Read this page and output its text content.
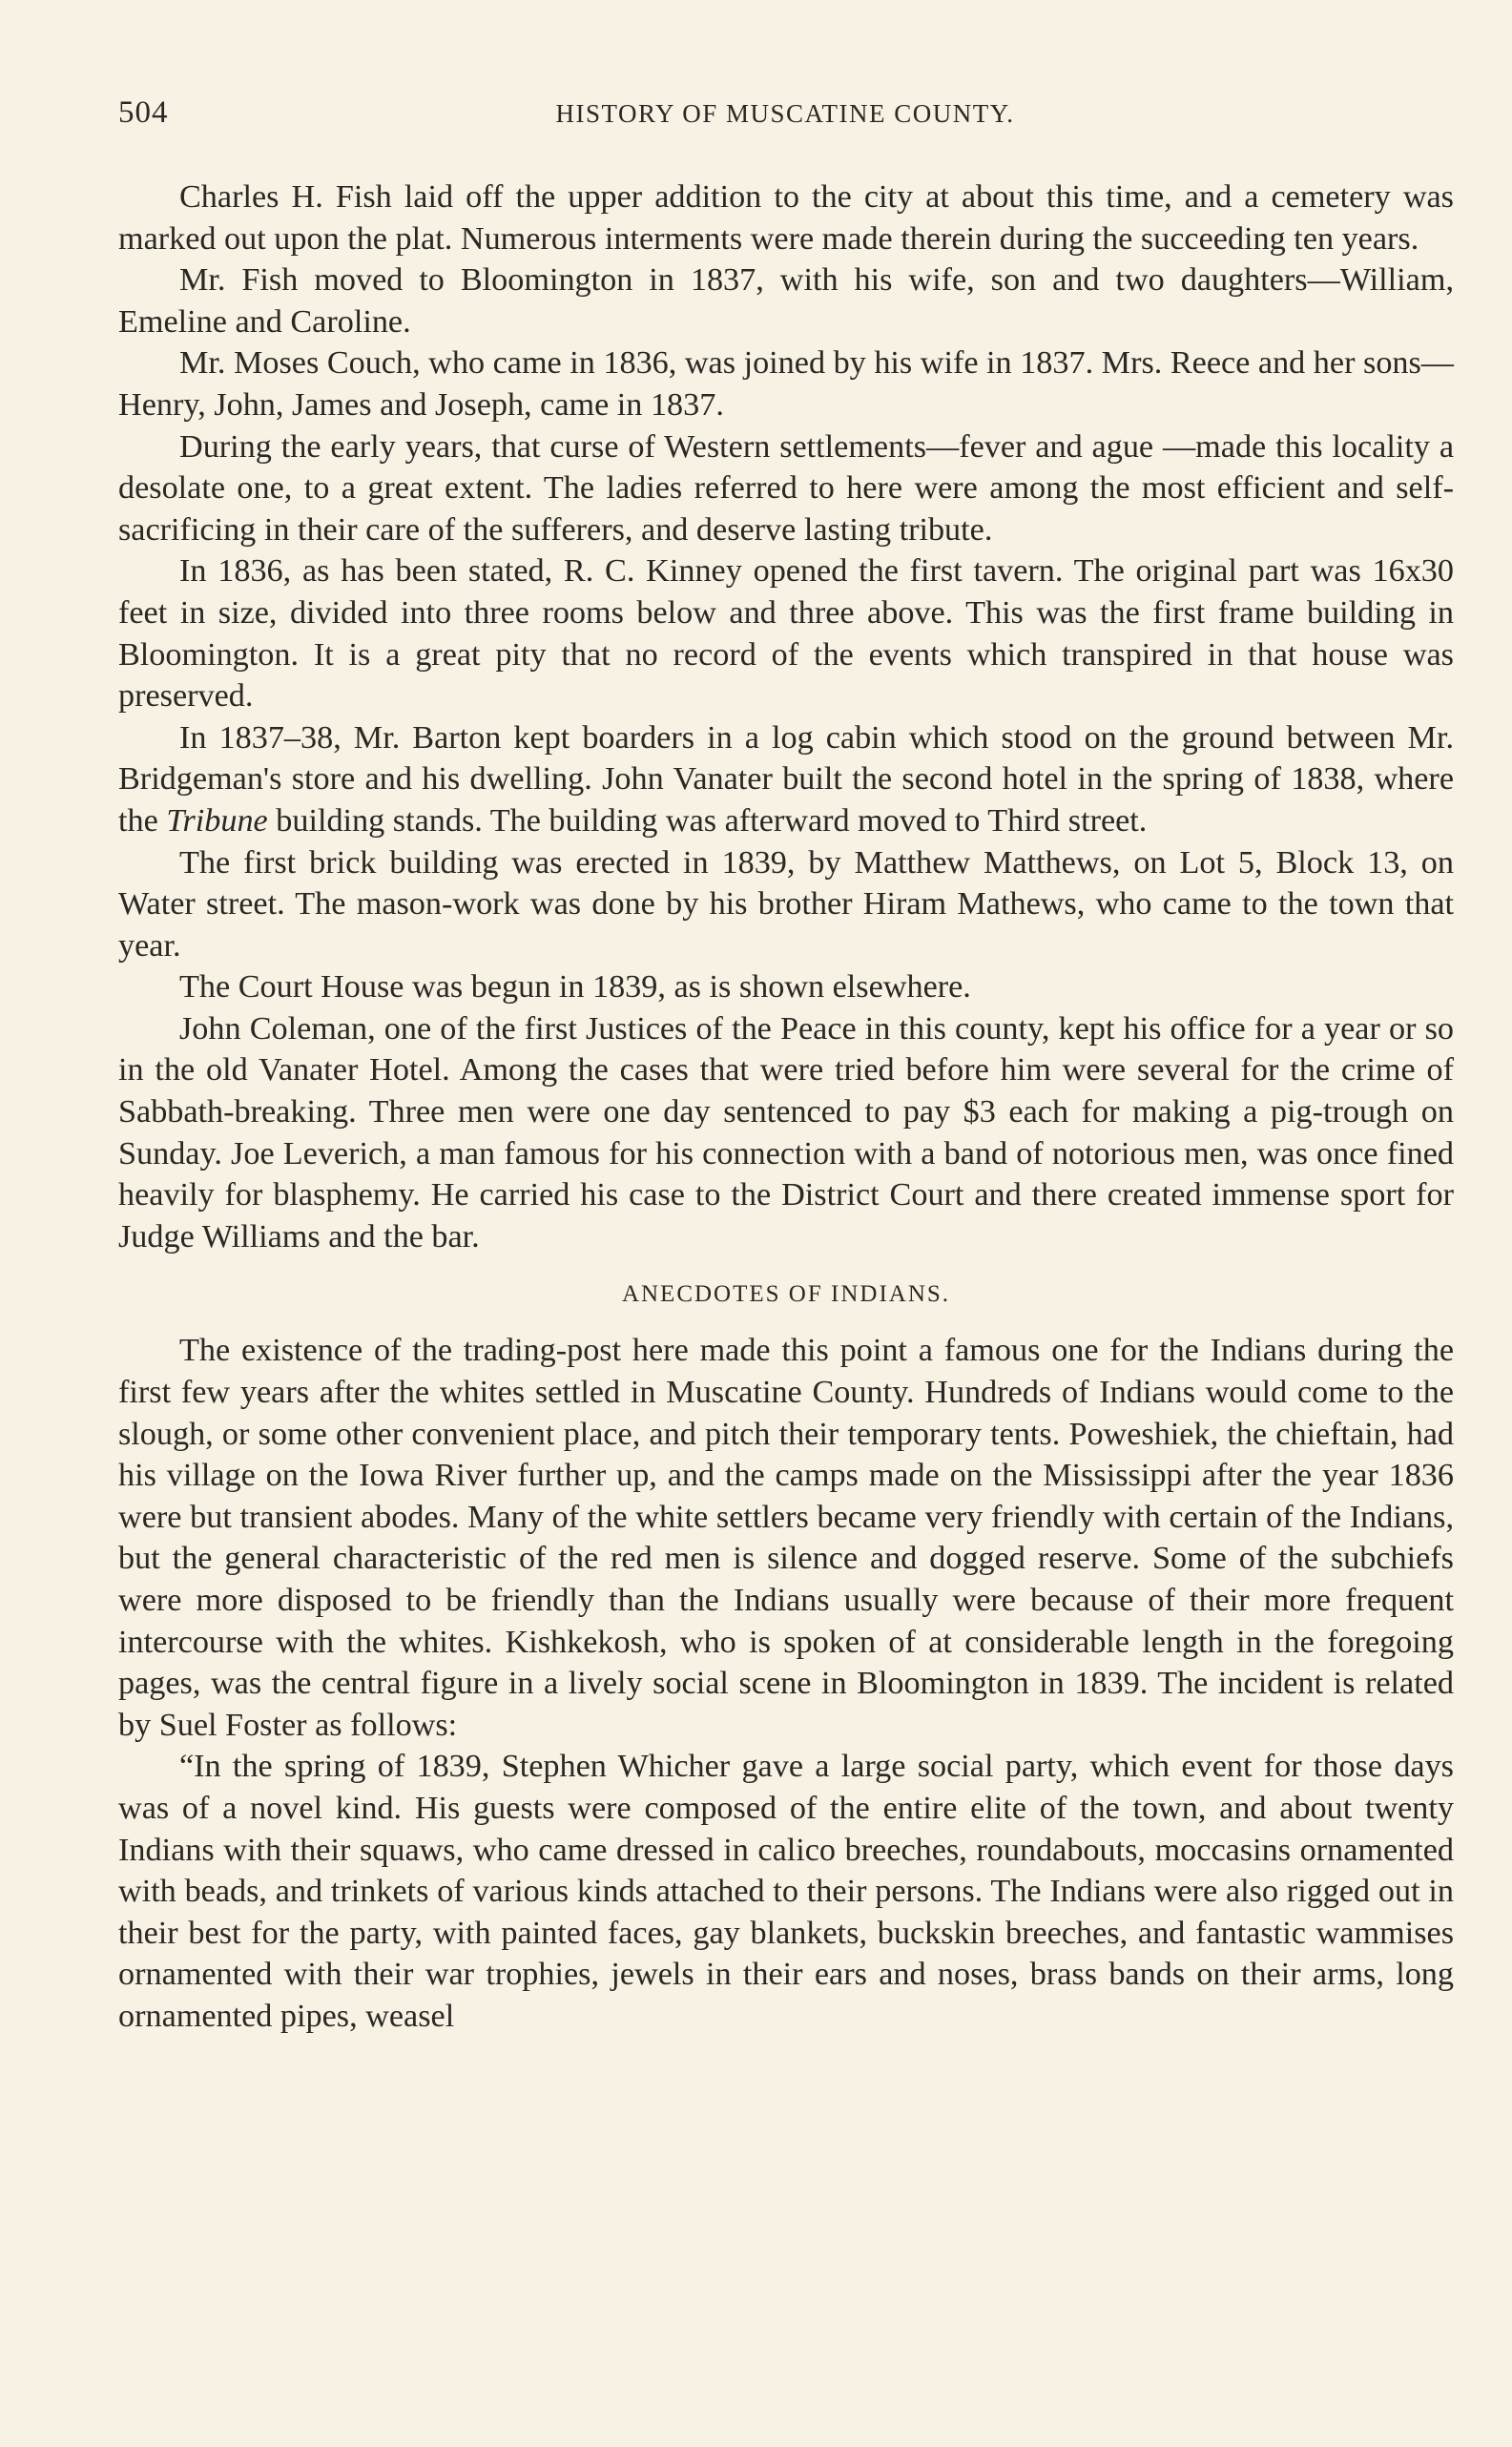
504	HISTORY OF MUSCATINE COUNTY.

Charles H. Fish laid off the upper addition to the city at about this time, and a cemetery was marked out upon the plat. Numerous interments were made therein during the succeeding ten years.

Mr. Fish moved to Bloomington in 1837, with his wife, son and two daughters—William, Emeline and Caroline.

Mr. Moses Couch, who came in 1836, was joined by his wife in 1837. Mrs. Reece and her sons—Henry, John, James and Joseph, came in 1837.

During the early years, that curse of Western settlements—fever and ague —made this locality a desolate one, to a great extent. The ladies referred to here were among the most efficient and self-sacrificing in their care of the sufferers, and deserve lasting tribute.

In 1836, as has been stated, R. C. Kinney opened the first tavern. The original part was 16x30 feet in size, divided into three rooms below and three above. This was the first frame building in Bloomington. It is a great pity that no record of the events which transpired in that house was preserved.

In 1837–38, Mr. Barton kept boarders in a log cabin which stood on the ground between Mr. Bridgeman's store and his dwelling. John Vanater built the second hotel in the spring of 1838, where the Tribune building stands. The building was afterward moved to Third street.

The first brick building was erected in 1839, by Matthew Matthews, on Lot 5, Block 13, on Water street. The mason-work was done by his brother Hiram Mathews, who came to the town that year.

The Court House was begun in 1839, as is shown elsewhere.

John Coleman, one of the first Justices of the Peace in this county, kept his office for a year or so in the old Vanater Hotel. Among the cases that were tried before him were several for the crime of Sabbath-breaking. Three men were one day sentenced to pay $3 each for making a pig-trough on Sunday. Joe Leverich, a man famous for his connection with a band of notorious men, was once fined heavily for blasphemy. He carried his case to the District Court and there created immense sport for Judge Williams and the bar.

ANECDOTES OF INDIANS.

The existence of the trading-post here made this point a famous one for the Indians during the first few years after the whites settled in Muscatine County. Hundreds of Indians would come to the slough, or some other convenient place, and pitch their temporary tents. Poweshiek, the chieftain, had his village on the Iowa River further up, and the camps made on the Mississippi after the year 1836 were but transient abodes. Many of the white settlers became very friendly with certain of the Indians, but the general characteristic of the red men is silence and dogged reserve. Some of the subchiefs were more disposed to be friendly than the Indians usually were because of their more frequent intercourse with the whites. Kishkekosh, who is spoken of at considerable length in the foregoing pages, was the central figure in a lively social scene in Bloomington in 1839. The incident is related by Suel Foster as follows:

“In the spring of 1839, Stephen Whicher gave a large social party, which event for those days was of a novel kind. His guests were composed of the entire elite of the town, and about twenty Indians with their squaws, who came dressed in calico breeches, roundabouts, moccasins ornamented with beads, and trinkets of various kinds attached to their persons. The Indians were also rigged out in their best for the party, with painted faces, gay blankets, buckskin breeches, and fantastic wammises ornamented with their war trophies, jewels in their ears and noses, brass bands on their arms, long ornamented pipes, weasel
